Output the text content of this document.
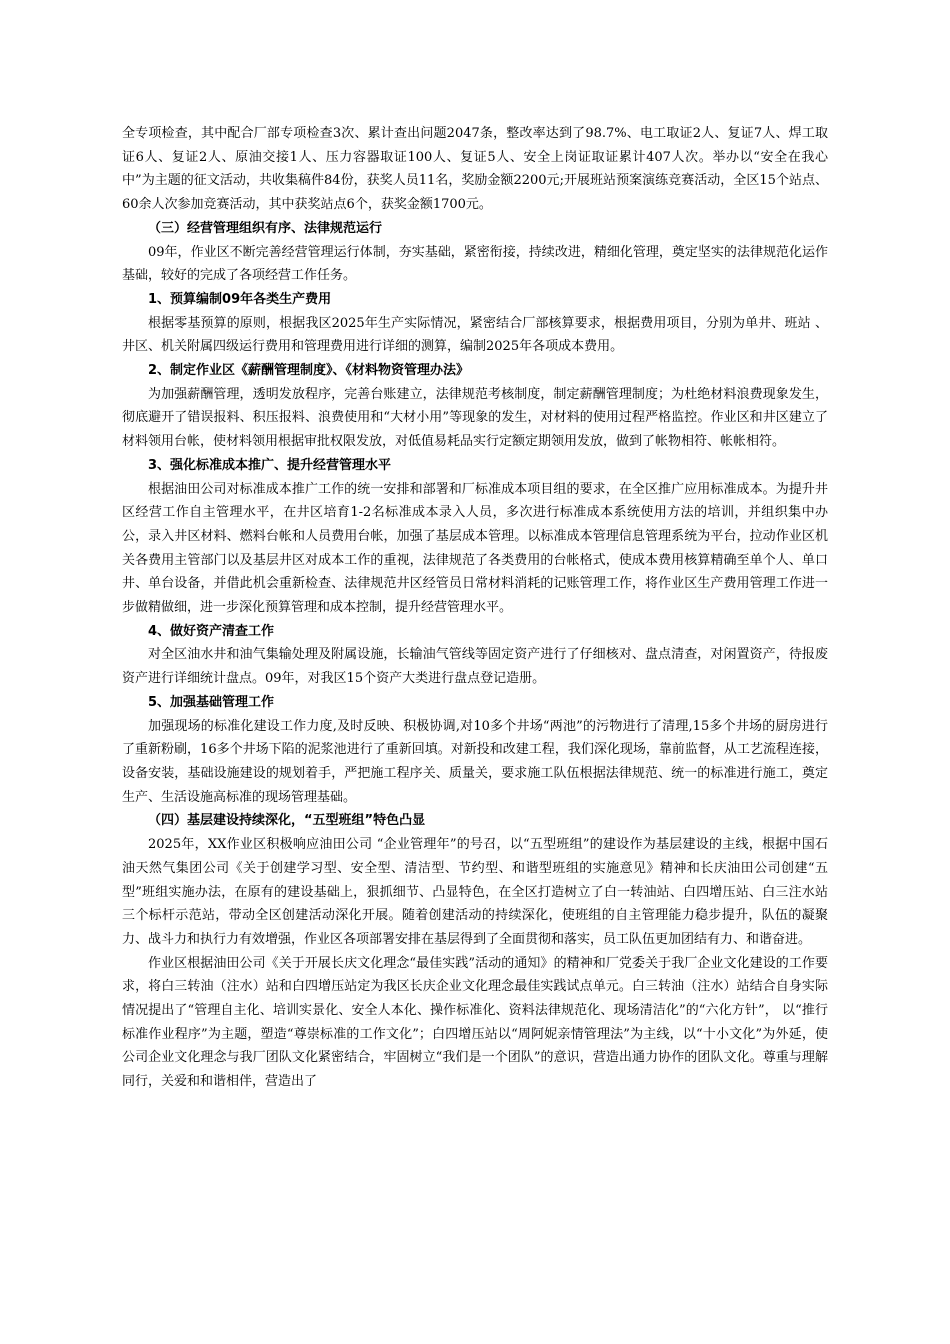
全专项检查，其中配合厂部专项检查3次、累计查出问题2047条，整改率达到了98.7%、电工取证2人、复证7人、焊工取证6人、复证2人、原油交接1人、压力容器取证100人、复证5人、安全上岗证取证累计407人次。举办以“安全在我心中”为主题的征文活动，共收集稿件84份，获奖人员11名，奖励金额2200元;开展班站预案演练竞赛活动，全区15个站点、60余人次参加竞赛活动，其中获奖站点6个，获奖金额1700元。

（三）经营管理组织有序、法律规范运行

09年，作业区不断完善经营管理运行体制，夯实基础，紧密衔接，持续改进，精细化管理，奠定坚实的法律规范化运作基础，较好的完成了各项经营工作任务。

1、预算编制09年各类生产费用

根据零基预算的原则，根据我区2025年生产实际情况，紧密结合厂部核算要求，根据费用项目，分别为单井、班站 、井区、机关附属四级运行费用和管理费用进行详细的测算，编制2025年各项成本费用。

2、制定作业区《薪酬管理制度》、《材料物资管理办法》

为加强薪酬管理，透明发放程序，完善台账建立，法律规范考核制度，制定薪酬管理制度；为杜绝材料浪费现象发生，彻底避开了错误报料、积压报料、浪费使用和“大材小用”等现象的发生，对材料的使用过程严格监控。作业区和井区建立了材料领用台帐，使材料领用根据审批权限发放，对低值易耗品实行定额定期领用发放，做到了帐物相符、帐帐相符。

3、强化标准成本推广、提升经营管理水平

根据油田公司对标准成本推广工作的统一安排和部署和厂标准成本项目组的要求，在全区推广应用标准成本。为提升井区经营工作自主管理水平，在井区培育1-2名标准成本录入人员，多次进行标准成本系统使用方法的培训，并组织集中办公，录入井区材料、燃料台帐和人员费用台帐，加强了基层成本管理。以标准成本管理信息管理系统为平台，拉动作业区机关各费用主管部门以及基层井区对成本工作的重视，法律规范了各类费用的台帐格式，使成本费用核算精确至单个人、单口井、单台设备，并借此机会重新检查、法律规范井区经管员日常材料消耗的记账管理工作，将作业区生产费用管理工作进一步做精做细，进一步深化预算管理和成本控制，提升经营管理水平。

4、做好资产清查工作

对全区油水井和油气集输处理及附属设施，长输油气管线等固定资产进行了仔细核对、盘点清查，对闲置资产，待报废资产进行详细统计盘点。09年，对我区15个资产大类进行盘点登记造册。

5、加强基础管理工作

加强现场的标准化建设工作力度,及时反映、积极协调,对10多个井场“两池”的污物进行了清理,15多个井场的厨房进行了重新粉刷，16多个井场下陷的泥浆池进行了重新回填。对新投和改建工程，我们深化现场，靠前监督，从工艺流程连接，设备安装，基础设施建设的规划着手，严把施工程序关、质量关，要求施工队伍根据法律规范、统一的标准进行施工，奠定生产、生活设施高标准的现场管理基础。

（四）基层建设持续深化，“五型班组”特色凸显

2025年，XX作业区积极响应油田公司 “企业管理年”的号召，以“五型班组”的建设作为基层建设的主线，根据中国石油天然气集团公司《关于创建学习型、安全型、清洁型、节约型、和谐型班组的实施意见》精神和长庆油田公司创建“五型”班组实施办法，在原有的建设基础上，狠抓细节、凸显特色，在全区打造树立了白一转油站、白四增压站、白三注水站三个标杆示范站，带动全区创建活动深化开展。随着创建活动的持续深化，使班组的自主管理能力稳步提升，队伍的凝聚力、战斗力和执行力有效增强，作业区各项部署安排在基层得到了全面贯彻和落实，员工队伍更加团结有力、和谐奋进。

作业区根据油田公司《关于开展长庆文化理念“最佳实践”活动的通知》的精神和厂党委关于我厂企业文化建设的工作要求，将白三转油（注水）站和白四增压站定为我区长庆企业文化理念最佳实践试点单元。白三转油（注水）站结合自身实际情况提出了“管理自主化、培训实景化、安全人本化、操作标准化、资料法律规范化、现场清洁化”的“六化方针”， 以“推行标准作业程序”为主题，塑造“尊崇标准的工作文化”；白四增压站以“周阿妮亲情管理法”为主线，以“十小文化”为外延，使公司企业文化理念与我厂团队文化紧密结合，牢固树立“我们是一个团队”的意识，营造出通力协作的团队文化。尊重与理解同行，关爱和和谐相伴，营造出了
